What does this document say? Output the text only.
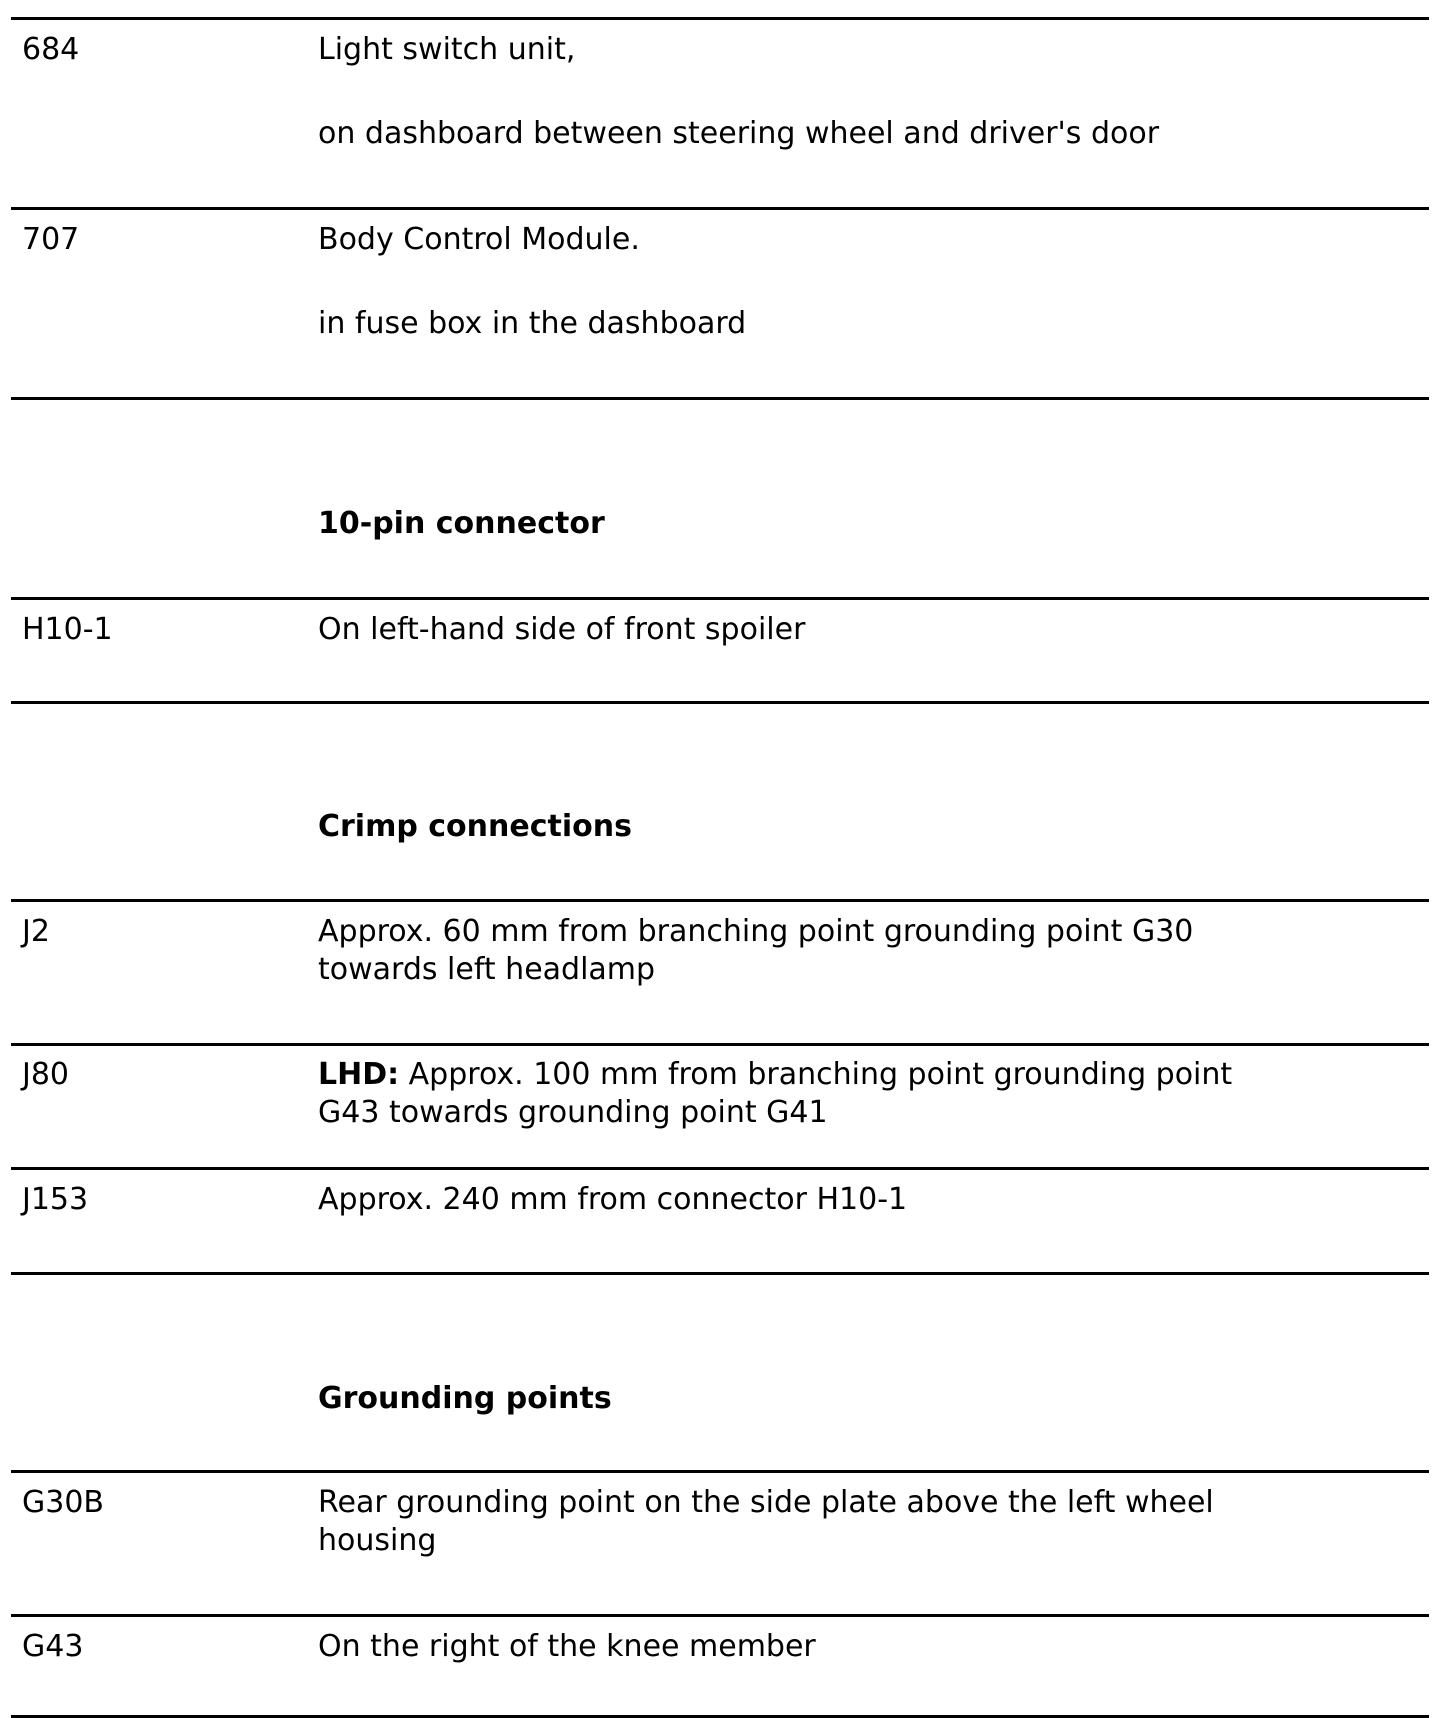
684	Light switch unit,
on dashboard between steering wheel and driver's door
707	Body Control Module.
in fuse box in the dashboard
10-pin connector
H10-1	On left-hand side of front spoiler
Crimp connections
J2	Approx. 60 mm from branching point grounding point G30 towards left headlamp
J80	LHD: Approx. 100 mm from branching point grounding point G43 towards grounding point G41
J153	Approx. 240 mm from connector H10-1
Grounding points
G30B	Rear grounding point on the side plate above the left wheel housing
G43	On the right of the knee member
